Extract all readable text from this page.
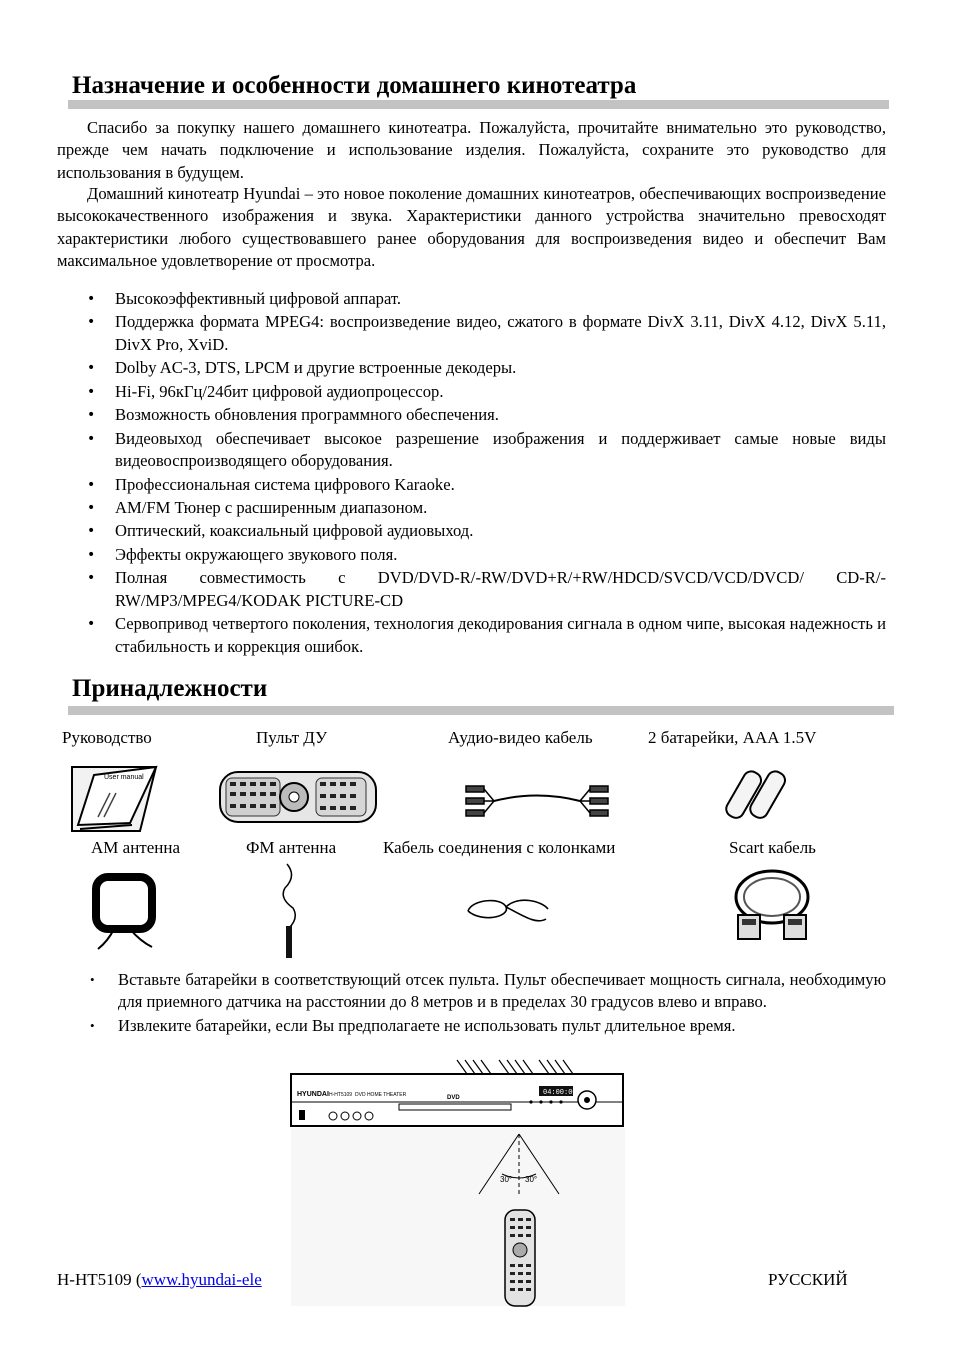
Назначение и особенности домашнего кинотеатра

Спасибо за покупку нашего домашнего кинотеатра. Пожалуйста, прочитайте внимательно это руководство, прежде чем начать подключение и использование изделия. Пожалуйста, сохраните это руководство для использования в будущем.

Домашний кинотеатр Hyundai – это новое поколение домашних кинотеатров, обеспечивающих воспроизведение высококачественного изображения и звука. Характеристики данного устройства значительно превосходят характеристики любого существовавшего ранее оборудования для воспроизведения видео и обеспечит Вам максимальное удовлетворение от просмотра.

• Высокоэффективный цифровой аппарат.
• Поддержка формата MPEG4: воспроизведение видео, сжатого в формате DivX 3.11, DivX 4.12, DivX 5.11, DivX Pro, XviD.
• Dolby AC-3, DTS, LPCM и другие встроенные декодеры.
• Hi-Fi, 96кГц/24бит цифровой аудиопроцессор.
• Возможность обновления программного обеспечения.
• Видеовыход обеспечивает высокое разрешение изображения и поддерживает самые новые виды видеовоспроизводящего оборудования.
• Профессиональная система цифрового Karaoke.
• AM/FM Тюнер с расширенным диапазоном.
• Оптический, коаксиальный цифровой аудиовыход.
• Эффекты окружающего звукового поля.
• Полная совместимость с DVD/DVD-R/-RW/DVD+R/+RW/HDCD/SVCD/VCD/DVCD/ CD-R/-RW/MP3/MPEG4/KODAK PICTURE-CD
• Сервопривод четвертого поколения, технология декодирования сигнала в одном чипе, высокая надежность и стабильность и коррекция ошибок.
Принадлежности
Руководство	Пульт ДУ	Аудио-видео кабель	2 батарейки, AAA 1.5V
User manual
АМ антенна	ФМ антенна	Кабель соединения с колонками	Scart кабель
• Вставьте батарейки в соответствующий отсек пульта. Пульт обеспечивает мощность сигнала, необходимую для приемного датчика на расстоянии до 8 метров и в пределах 30 градусов влево и вправо.
• Извлеките батарейки, если Вы предполагаете не использовать пульт длительное время.
HYUNDAI H-HT5109 DVD HOME THEATER	DVD
04:00:00
30° 30°
H-HT5109 (www.hyundai-ele	РУССКИЙ
